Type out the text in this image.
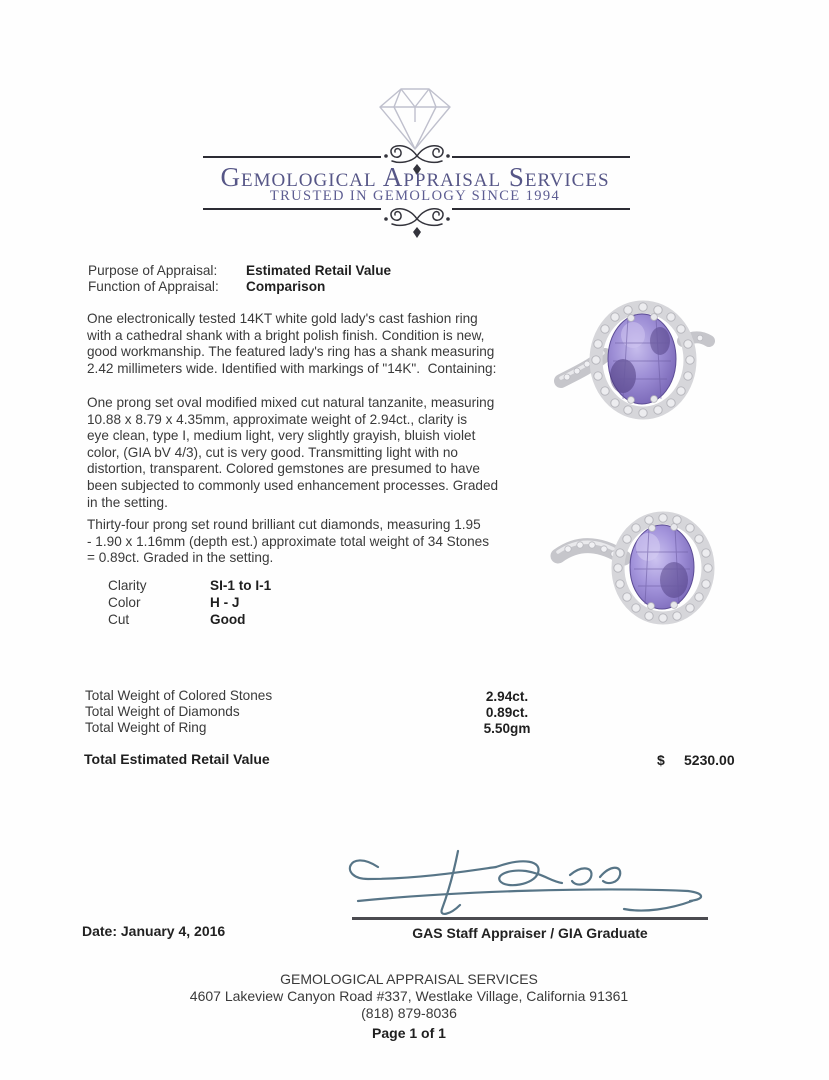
Gemological Appraisal Services
TRUSTED IN GEMOLOGY SINCE 1994
Purpose of Appraisal: Estimated Retail Value
Function of Appraisal: Comparison
One electronically tested 14KT white gold lady's cast fashion ring
with a cathedral shank with a bright polish finish. Condition is new,
good workmanship. The featured lady's ring has a shank measuring
2.42 millimeters wide. Identified with markings of "14K".  Containing:
One prong set oval modified mixed cut natural tanzanite, measuring
10.88 x 8.79 x 4.35mm, approximate weight of 2.94ct., clarity is
eye clean, type I, medium light, very slightly grayish, bluish violet
color, (GIA bV 4/3), cut is very good. Transmitting light with no
distortion, transparent. Colored gemstones are presumed to have
been subjected to commonly used enhancement processes. Graded
in the setting.
Thirty-four prong set round brilliant cut diamonds, measuring 1.95
- 1.90 x 1.16mm (depth est.) approximate total weight of 34 Stones
= 0.89ct. Graded in the setting.
Clarity	SI-1 to I-1
Color	H - J
Cut	Good
Total Weight of Colored Stones	2.94ct.
Total Weight of Diamonds	0.89ct.
Total Weight of Ring	5.50gm
Total Estimated Retail Value	$ 5230.00
Date: January 4, 2016	GAS Staff Appraiser / GIA Graduate
GEMOLOGICAL APPRAISAL SERVICES
4607 Lakeview Canyon Road #337, Westlake Village, California 91361
(818) 879-8036
Page 1 of 1
